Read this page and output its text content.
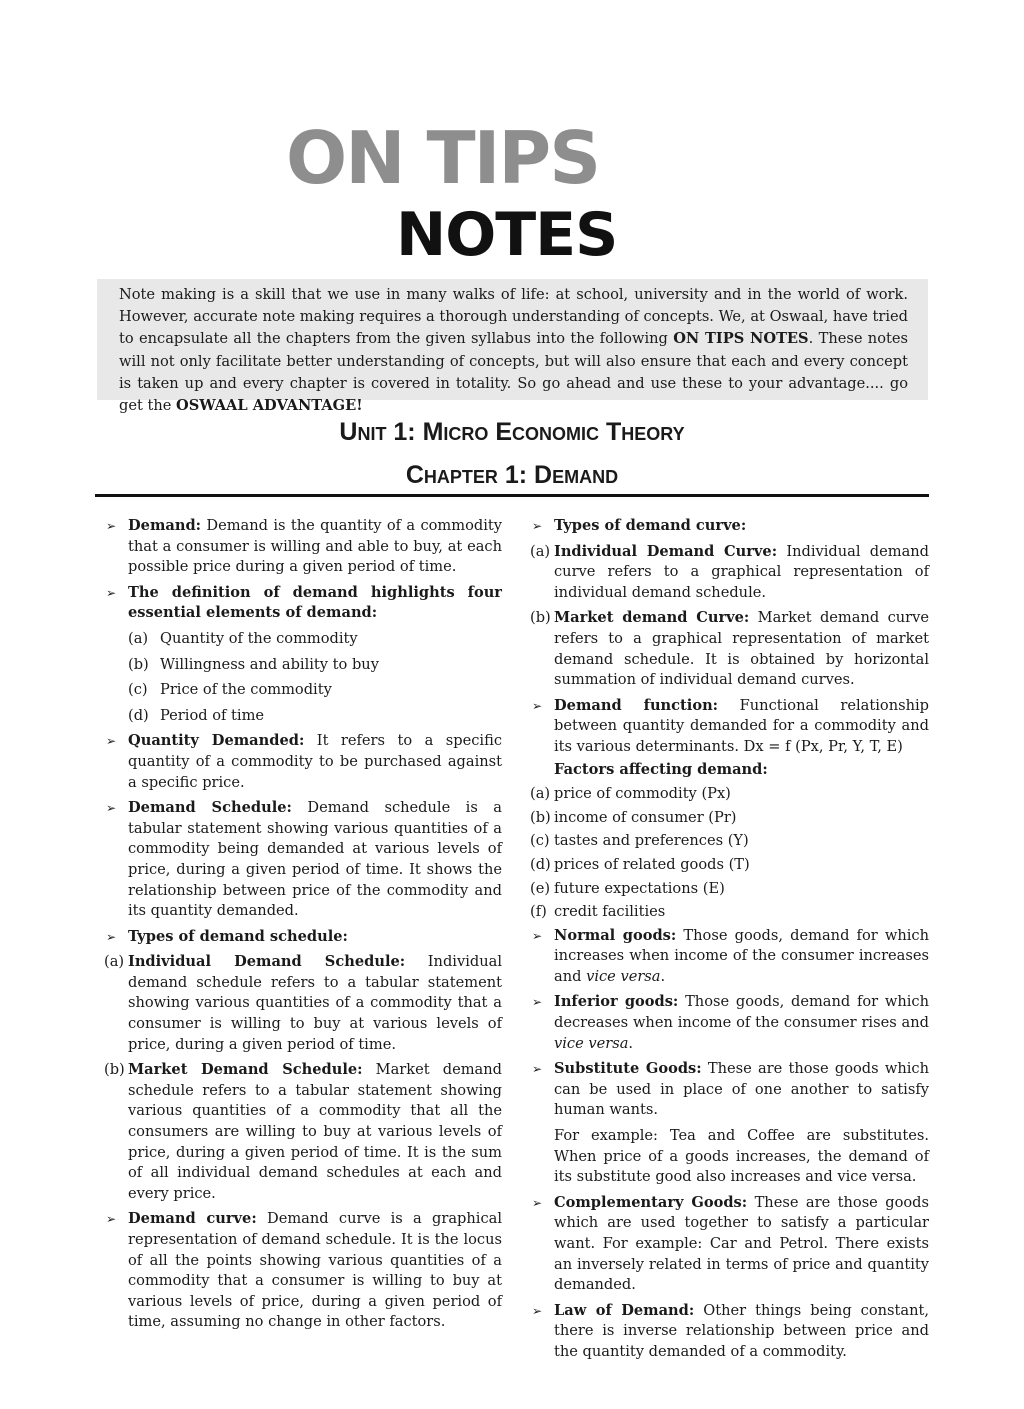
ON TIPS
NOTES

Note making is a skill that we use in many walks of life: at school, university and in the world of work. However, accurate note making requires a thorough understanding of concepts. We, at Oswaal, have tried to encapsulate all the chapters from the given syllabus into the following ON TIPS NOTES. These notes will not only facilitate better understanding of concepts, but will also ensure that each and every concept is taken up and every chapter is covered in totality. So go ahead and use these to your advantage.... go get the OSWAAL ADVANTAGE!

Unit 1: Micro Economic Theory
Chapter 1: Demand

➢ Demand: Demand is the quantity of a commodity that a consumer is willing and able to buy, at each possible price during a given period of time.

➢ The definition of demand highlights four essential elements of demand:

(a) Quantity of the commodity

(b) Willingness and ability to buy

(c) Price of the commodity

(d) Period of time

➢ Quantity Demanded: It refers to a specific quantity of a commodity to be purchased against a specific price.

➢ Demand Schedule: Demand schedule is a tabular statement showing various quantities of a commodity being demanded at various levels of price, during a given period of time. It shows the relationship between price of the commodity and its quantity demanded.

➢ Types of demand schedule:

(a) Individual Demand Schedule: Individual demand schedule refers to a tabular statement showing various quantities of a commodity that a consumer is willing to buy at various levels of price, during a given period of time.

(b) Market Demand Schedule: Market demand schedule refers to a tabular statement showing various quantities of a commodity that all the consumers are willing to buy at various levels of price, during a given period of time. It is the sum of all individual demand schedules at each and every price.

➢ Demand curve: Demand curve is a graphical representation of demand schedule. It is the locus of all the points showing various quantities of a commodity that a consumer is willing to buy at various levels of price, during a given period of time, assuming no change in other factors.

➢ Types of demand curve:

(a) Individual Demand Curve: Individual demand curve refers to a graphical representation of individual demand schedule.

(b) Market demand Curve: Market demand curve refers to a graphical representation of market demand schedule. It is obtained by horizontal summation of individual demand curves.

➢ Demand function: Functional relationship between quantity demanded for a commodity and its various determinants. Dx = f (Px, Pr, Y, T, E)

Factors affecting demand:

(a) price of commodity (Px)

(b) income of consumer (Pr)

(c) tastes and preferences (Y)

(d) prices of related goods (T)

(e) future expectations (E)

(f) credit facilities

➢ Normal goods: Those goods, demand for which increases when income of the consumer increases and vice versa.

➢ Inferior goods: Those goods, demand for which decreases when income of the consumer rises and vice versa.

➢ Substitute Goods: These are those goods which can be used in place of one another to satisfy human wants.

For example: Tea and Coffee are substitutes. When price of a goods increases, the demand of its substitute good also increases and vice versa.

➢ Complementary Goods: These are those goods which are used together to satisfy a particular want. For example: Car and Petrol. There exists an inversely related in terms of price and quantity demanded.

➢ Law of Demand: Other things being constant, there is inverse relationship between price and the quantity demanded of a commodity.
